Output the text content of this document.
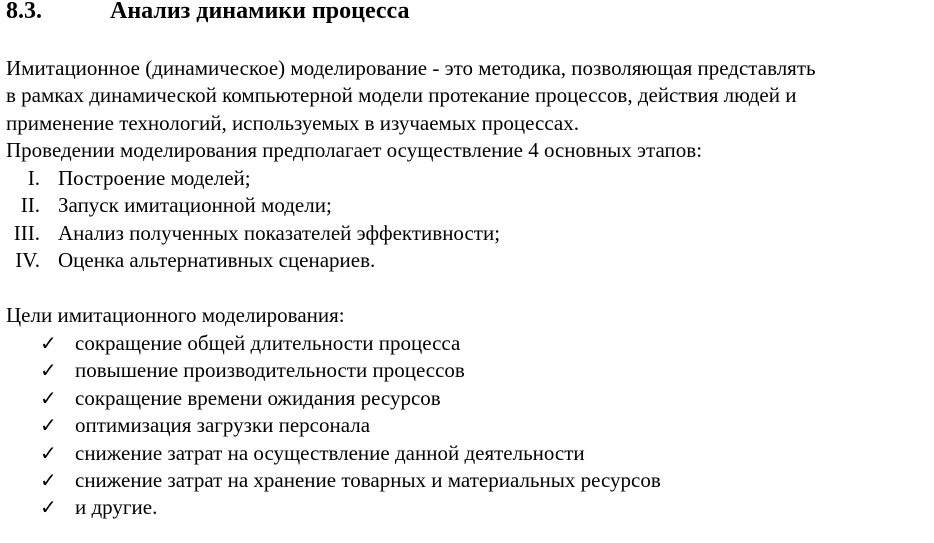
8.3.	Анализ динамики процесса
Имитационное (динамическое) моделирование - это методика, позволяющая представлять
в рамках динамической компьютерной модели протекание процессов, действия людей и
применение технологий, используемых в изучаемых процессах.
Проведении моделирования предполагает осуществление 4 основных этапов:
I. Построение моделей;
II. Запуск имитационной модели;
III. Анализ полученных показателей эффективности;
IV. Оценка альтернативных сценариев.
Цели имитационного моделирования:
✓ сокращение общей длительности процесса
✓ повышение производительности процессов
✓ сокращение времени ожидания ресурсов
✓ оптимизация загрузки персонала
✓ снижение затрат на осуществление данной деятельности
✓ снижение затрат на хранение товарных и материальных ресурсов
✓ и другие.
